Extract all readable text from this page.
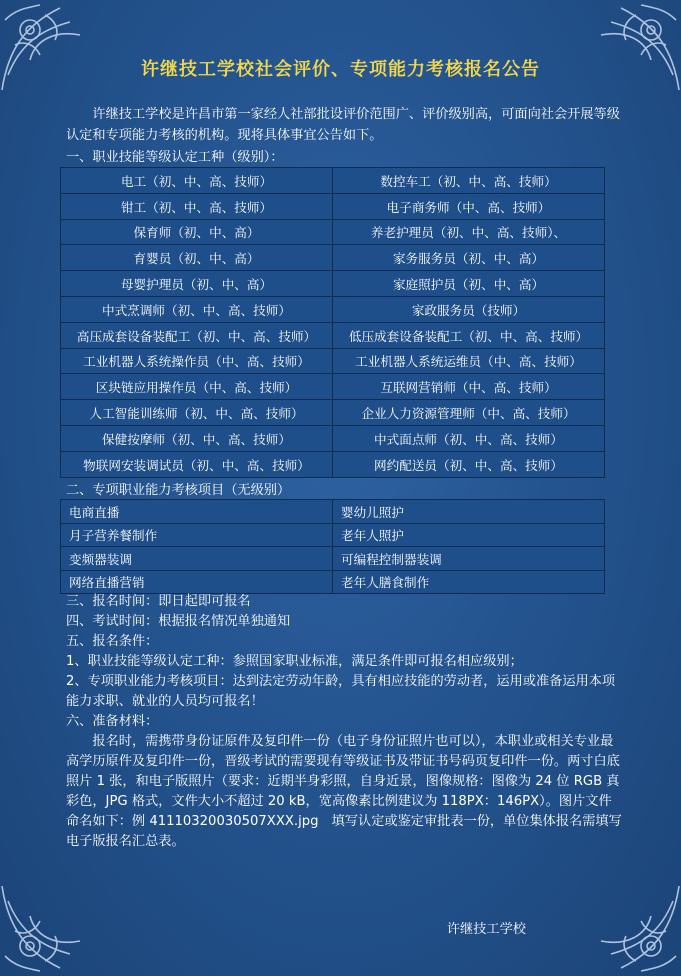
许继技工学校社会评价、专项能力考核报名公告

许继技工学校是许昌市第一家经人社部批设评价范围广、评价级别高，可面向社会开展等级认定和专项能力考核的机构。现将具体事宜公告如下。

一、职业技能等级认定工种（级别）：
电工（初、中、高、技师）	数控车工（初、中、高、技师）
钳工（初、中、高、技师）	电子商务师（中、高、技师）
保育师（初、中、高）	养老护理员（初、中、高、技师）、
育婴员（初、中、高）	家务服务员（初、中、高）
母婴护理员（初、中、高）	家庭照护员（初、中、高）
中式烹调师（初、中、高、技师）	家政服务员（技师）
高压成套设备装配工（初、中、高、技师）	低压成套设备装配工（初、中、高、技师）
工业机器人系统操作员（中、高、技师）	工业机器人系统运维员（中、高、技师）
区块链应用操作员（中、高、技师）	互联网营销师（中、高、技师）
人工智能训练师（初、中、高、技师）	企业人力资源管理师（中、高、技师）
保健按摩师（初、中、高、技师）	中式面点师（初、中、高、技师）
物联网安装调试员（初、中、高、技师）	网约配送员（初、中、高、技师）
二、专项职业能力考核项目（无级别）
电商直播	婴幼儿照护
月子营养餐制作	老年人照护
变频器装调	可编程控制器装调
网络直播营销	老年人膳食制作

三、报名时间：即日起即可报名

四、考试时间：根据报名情况单独通知

五、报名条件：

1、职业技能等级认定工种：参照国家职业标准，满足条件即可报名相应级别；

2、专项职业能力考核项目：达到法定劳动年龄，具有相应技能的劳动者，运用或准备运用本项能力求职、就业的人员均可报名！

六、准备材料：

报名时，需携带身份证原件及复印件一份（电子身份证照片也可以），本职业或相关专业最高学历原件及复印件一份，晋级考试的需要现有等级证书及带证书号码页复印件一份。两寸白底照片 1 张，和电子版照片（要求：近期半身彩照，自身近景，图像规格：图像为 24 位 RGB 真彩色，JPG 格式，文件大小不超过 20 kB，宽高像素比例建议为 118PX：146PX）。图片文件命名如下：例 41110320030507XXX.jpg　填写认定或鉴定审批表一份，单位集体报名需填写电子版报名汇总表。

许继技工学校
